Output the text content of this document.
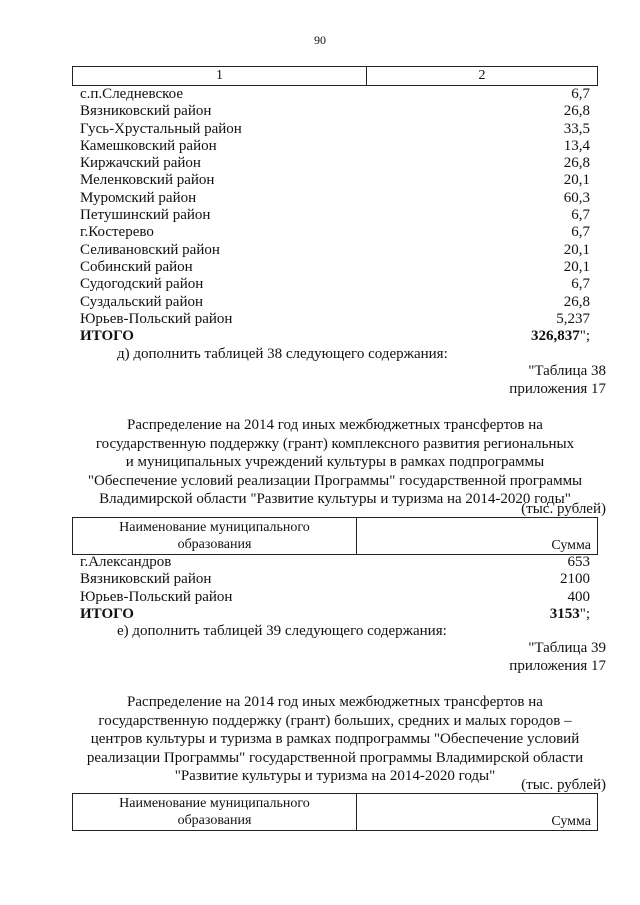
90
1	2
с.п.Следневское	6,7
Вязниковский район	26,8
Гусь-Хрустальный район	33,5
Камешковский район	13,4
Киржачский район	26,8
Меленковский район	20,1
Муромский район	60,3
Петушинский район	6,7
г.Костерево	6,7
Селивановский район	20,1
Собинский район	20,1
Судогодский район	6,7
Суздальский район	26,8
Юрьев-Польский район	5,237
ИТОГО	326,837";
д) дополнить таблицей 38 следующего содержания:
"Таблица 38
приложения 17
Распределение на 2014 год иных межбюджетных трансфертов на
государственную поддержку (грант) комплексного развития региональных
и муниципальных учреждений культуры в рамках подпрограммы
"Обеспечение условий реализации Программы" государственной программы
Владимирской области "Развитие культуры и туризма на 2014-2020 годы"
(тыс. рублей)
Наименование муниципального
образования	Сумма
г.Александров	653
Вязниковский район	2100
Юрьев-Польский район	400
ИТОГО	3153";
е) дополнить таблицей 39 следующего содержания:
"Таблица 39
приложения 17
Распределение на 2014 год иных межбюджетных трансфертов на
государственную поддержку (грант) больших, средних и малых городов –
центров культуры и туризма в рамках подпрограммы "Обеспечение условий
реализации Программы" государственной программы Владимирской области
"Развитие культуры и туризма на 2014-2020 годы"
(тыс. рублей)
Наименование муниципального
образования	Сумма
